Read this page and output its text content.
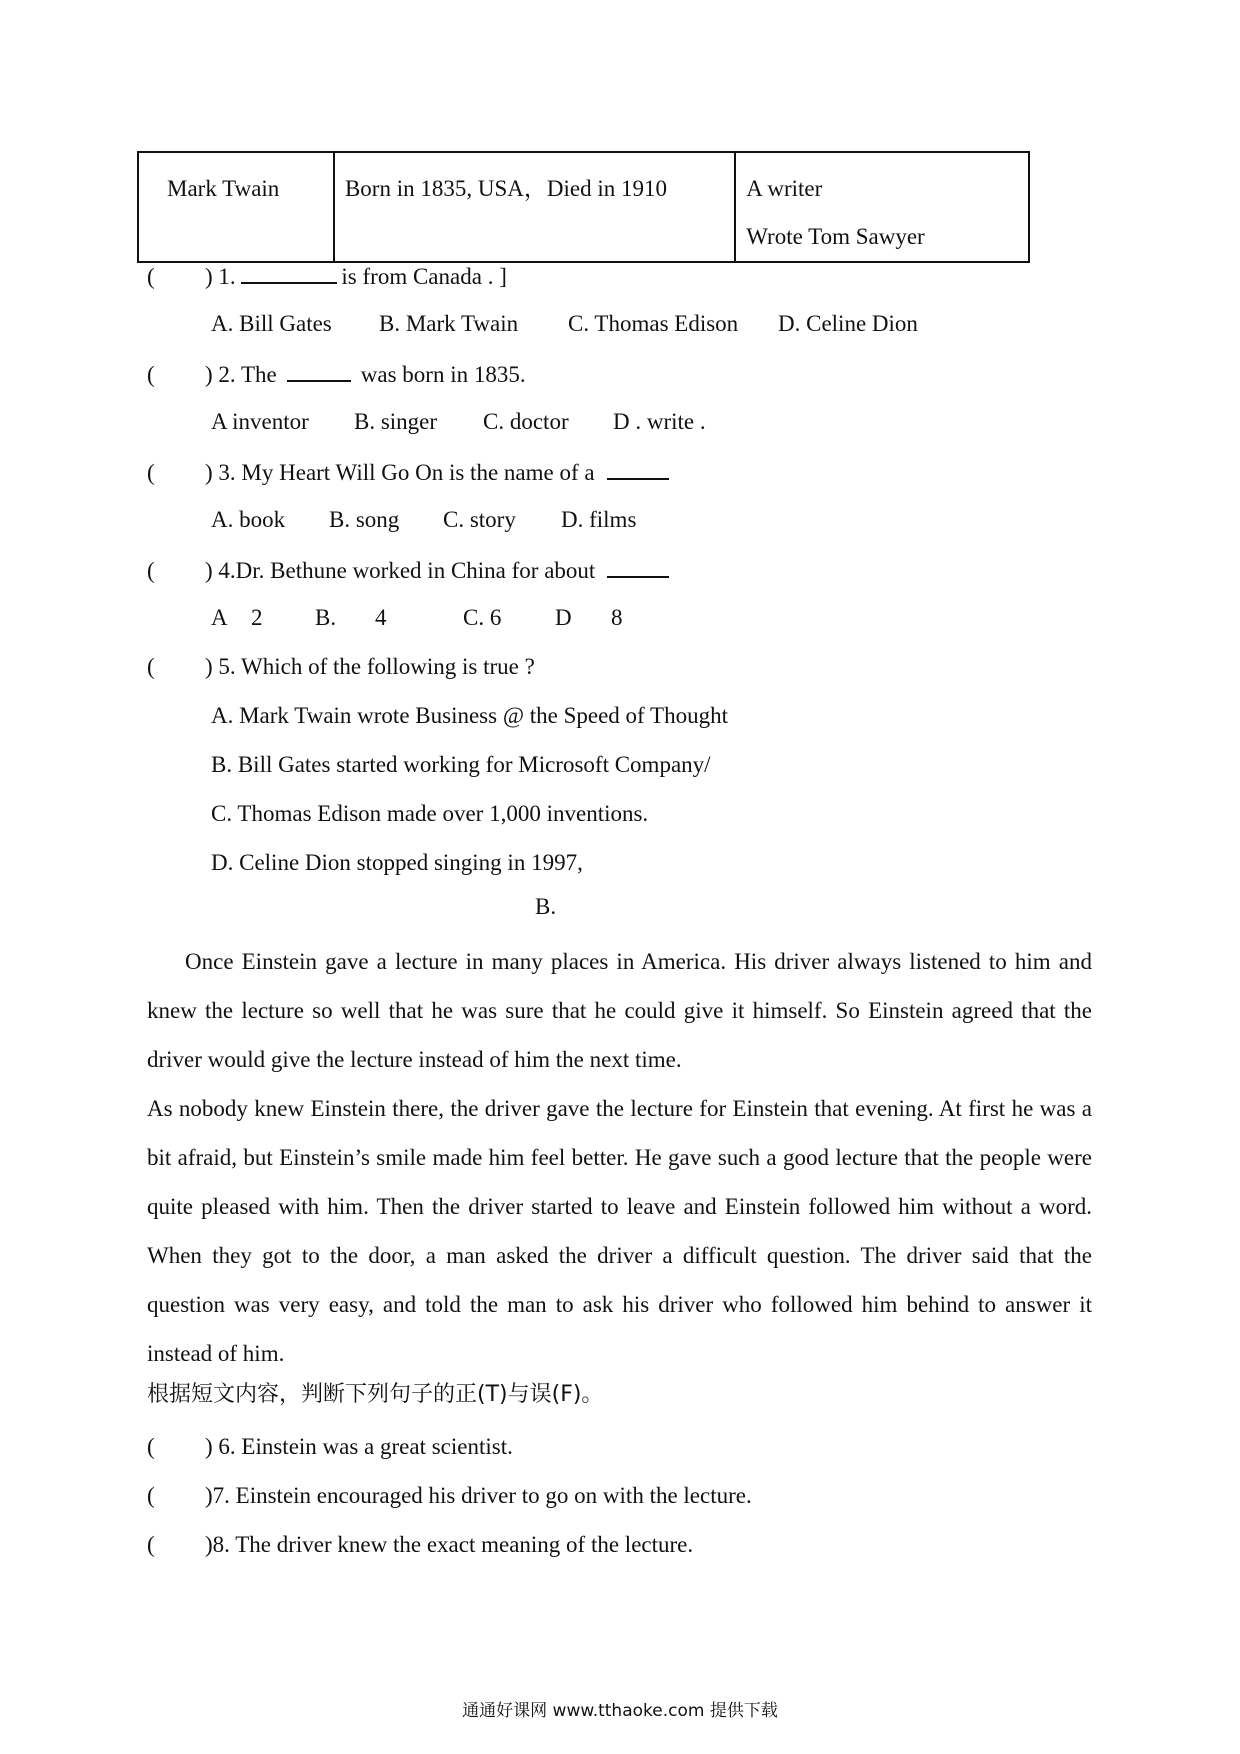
Mark Twain	Born in 1835, USA，Died in 1910	A writer
Wrote Tom Sawyer
( ) 1.	is from Canada . ]
A. Bill Gates B. Mark Twain C. Thomas Edison D. Celine Dion
( ) 2. The	was born in 1835.
A inventor B. singer C. doctor D . write .
( ) 3. My Heart Will Go On is the name of a
A. book B. song C. story D. films
( ) 4.Dr. Bethune worked in China for about
A 2 B. 4	C. 6 D 8
( ) 5. Which of the following is true ?
A. Mark Twain wrote Business @ the Speed of Thought
B. Bill Gates started working for Microsoft Company/
C. Thomas Edison made over 1,000 inventions.
D. Celine Dion stopped singing in 1997,
B.

Once Einstein gave a lecture in many places in America. His driver always listened to him and knew the lecture so well that he was sure that he could give it himself. So Einstein agreed that the driver would give the lecture instead of him the next time.

As nobody knew Einstein there, the driver gave the lecture for Einstein that evening. At first he was a bit afraid, but Einstein’s smile made him feel better. He gave such a good lecture that the people were quite pleased with him. Then the driver started to leave and Einstein followed him without a word. When they got to the door, a man asked the driver a difficult question. The driver said that the question was very easy, and told the man to ask his driver who followed him behind to answer it instead of him.

根据短文内容，判断下列句子的正(T)与误(F)。
( ) 6. Einstein was a great scientist.
( )7. Einstein encouraged his driver to go on with the lecture.
( )8. The driver knew the exact meaning of the lecture.
通通好课网 www.tthaoke.com 提供下载
